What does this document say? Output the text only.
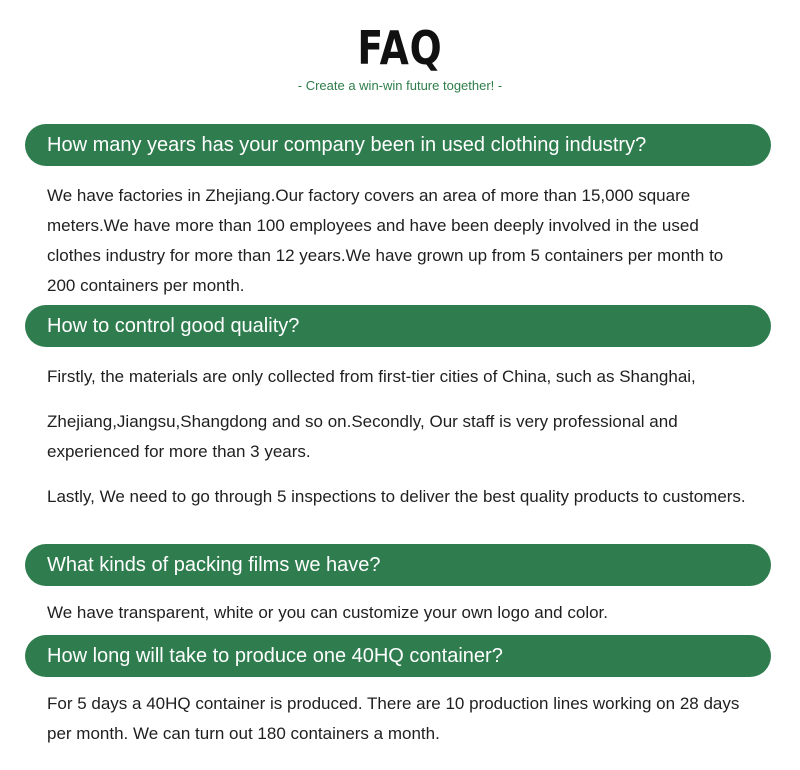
FAQ
- Create a win-win future together! -
How many years has your company been in used clothing industry?

We have factories in Zhejiang.Our factory covers an area of more than 15,000 square meters.We have more than 100 employees and have been deeply involved in the used clothes industry for more than 12 years.We have grown up from 5 containers per month to 200 containers per month.

How to control good quality?

Firstly, the materials are only collected from first-tier cities of China, such as Shanghai,

Zhejiang,Jiangsu,Shangdong and so on.Secondly, Our staff is very professional and experienced for more than 3 years.

Lastly, We need to go through 5 inspections to deliver the best quality products to customers.

What kinds of packing films we have?

We have transparent, white or you can customize your own logo and color.

How long will take to produce one 40HQ container?

For 5 days a 40HQ container is produced. There are 10 production lines working on 28 days per month. We can turn out 180 containers a month.
